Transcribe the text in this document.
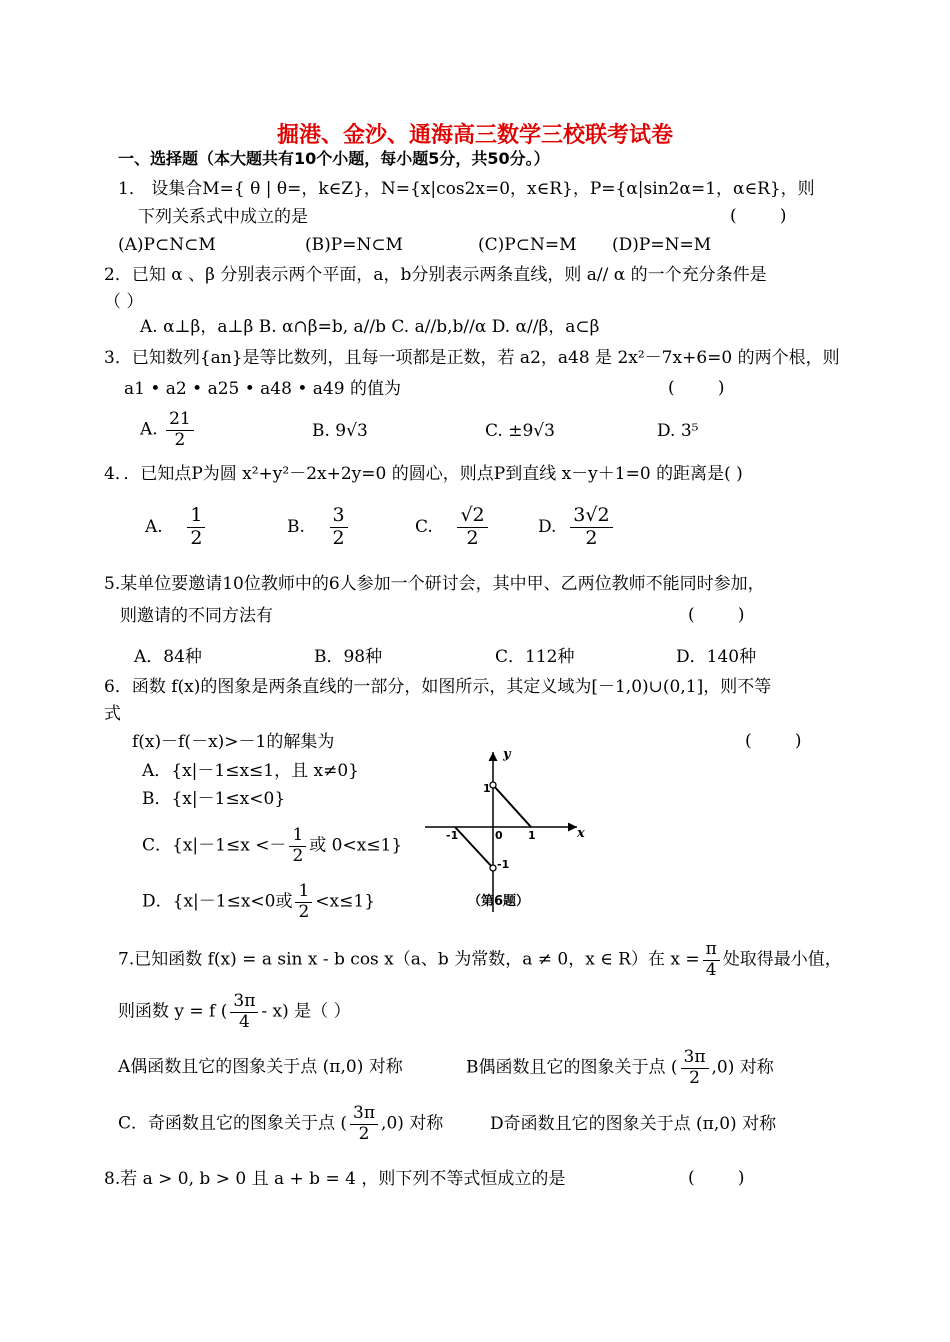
掘港、金沙、通海高三数学三校联考试卷
一、选择题（本大题共有10个小题，每小题5分，共50分。）
1． 设集合M={ θ | θ=，k∈Z}，N={x|cos2x=0，x∈R}，P={α|sin2α=1，α∈R}，则
下列关系式中成立的是	(        )
(A)P⊂N⊂M	(B)P=N⊂M	(C)P⊂N=M (D)P=N=M
2．已知 α 、β 分别表示两个平面，a，b分别表示两条直线，则 a// α 的一个充分条件是
（ ）
A. α⊥β，a⊥β B. α∩β=b, a//b C. a//b,b//α D. α//β，a⊂β
3．已知数列{an}是等比数列，且每一项都是正数，若 a2，a48 是 2x²－7x+6=0 的两个根，则
a1 • a2 • a25 • a48 • a49 的值为	(        )
A. $\frac{21}{2}$	B. 9√3	C. ±9√3	D. 3⁵
4．．已知点P为圆 x²+y²－2x+2y=0 的圆心，则点P到直线 x－y＋1=0 的距离是( )
A. $\frac{1}{2}$	B. $\frac{3}{2}$	C. $\frac{√2}{2}$	D. $\frac{3√2}{2}$
5.某单位要邀请10位教师中的6人参加一个研讨会，其中甲、乙两位教师不能同时参加，
则邀请的不同方法有	(        )
A．84种	B．98种	C．112种	D．140种
6．函数 f(x)的图象是两条直线的一部分，如图所示，其定义域为[－1,0)∪(0,1]，则不等
式
f(x)－f(－x)>－1的解集为	(        )
A．{x|－1≤x≤1，且 x≠0}
B．{x|－1≤x<0}
C．{$x|-1\le x <- \frac{1}{2}$ 或 0<x≤1}
D．{x|－1≤x<0或 $\frac{1}{2} <x\le 1$}
y
x
1
-1
0 1
-1
（第6题）
7.已知函数 f(x) = a sin x - b cos x（a、b 为常数，a ≠ 0，x ∈ R）在 $x = \frac{\pi}{4}$ 处取得最小值，
则函数 y = f ( $\frac{3\pi}{4} - x$) 是（ ）
A偶函数且它的图象关于点 (π,0) 对称	B偶函数且它的图象关于点 ( $\frac{3\pi}{2} ,0$) 对称
C．奇函数且它的图象关于点 ( $\frac{3\pi}{2} ,0$) 对称	D奇函数且它的图象关于点 (π,0) 对称
8.若 a > 0, b > 0 且 a + b = 4 ，则下列不等式恒成立的是	(        )
